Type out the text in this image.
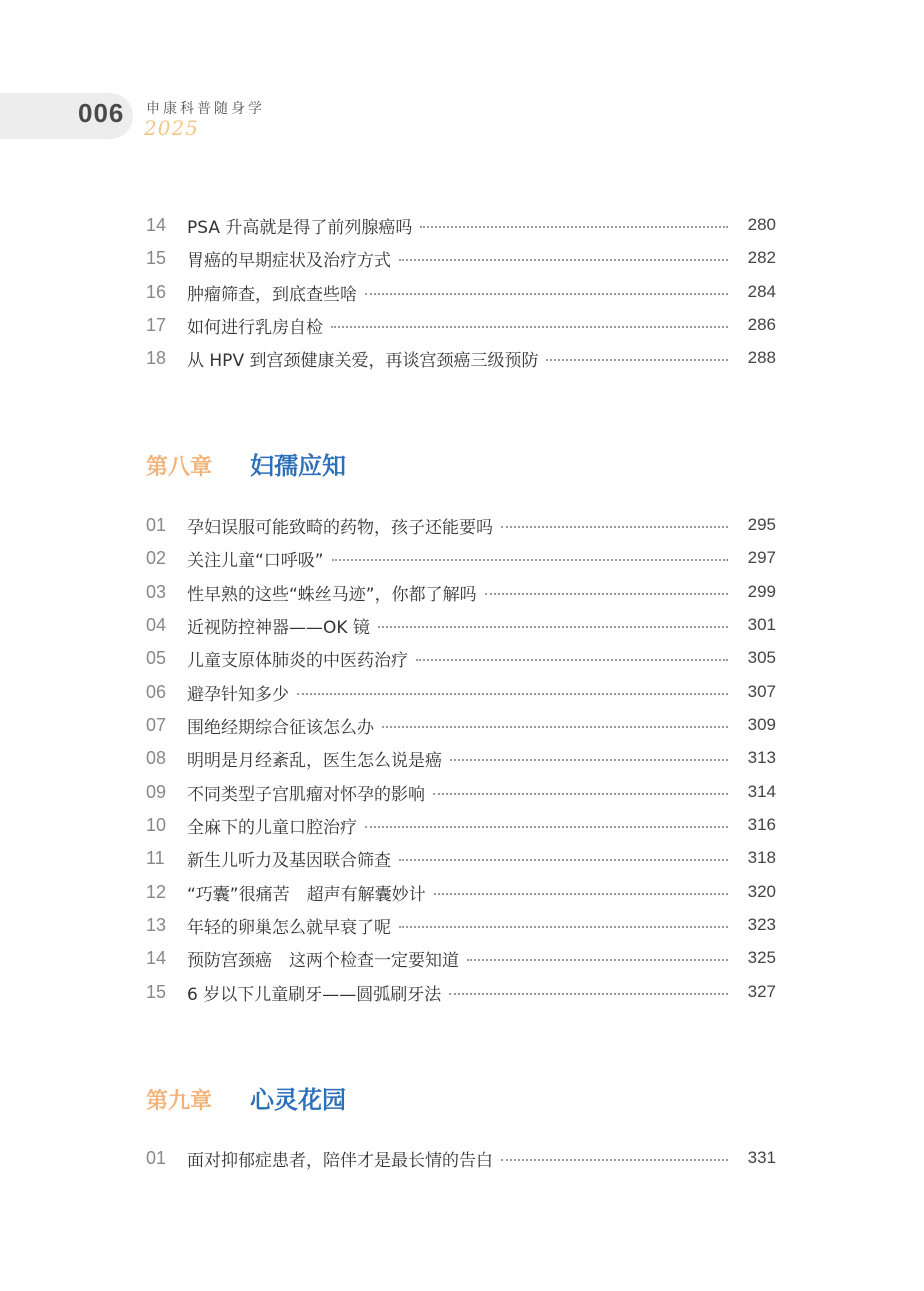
006 申康科普随身学
2025
14	PSA 升高就是得了前列腺癌吗	280
15	胃癌的早期症状及治疗方式	282
16	肿瘤筛查，到底查些啥	284
17	如何进行乳房自检	286
18	从 HPV 到宫颈健康关爱，再谈宫颈癌三级预防	288
第八章	妇孺应知
01	孕妇误服可能致畸的药物，孩子还能要吗	295
02	关注儿童“口呼吸”	297
03	性早熟的这些“蛛丝马迹”，你都了解吗	299
04	近视防控神器——OK 镜	301
05	儿童支原体肺炎的中医药治疗	305
06	避孕针知多少	307
07	围绝经期综合征该怎么办	309
08	明明是月经紊乱，医生怎么说是癌	313
09	不同类型子宫肌瘤对怀孕的影响	314
10	全麻下的儿童口腔治疗	316
11	新生儿听力及基因联合筛查	318
12	“巧囊”很痛苦　超声有解囊妙计	320
13	年轻的卵巢怎么就早衰了呢	323
14	预防宫颈癌　这两个检查一定要知道	325
15	6 岁以下儿童刷牙——圆弧刷牙法	327
第九章	心灵花园
01	面对抑郁症患者，陪伴才是最长情的告白	331
